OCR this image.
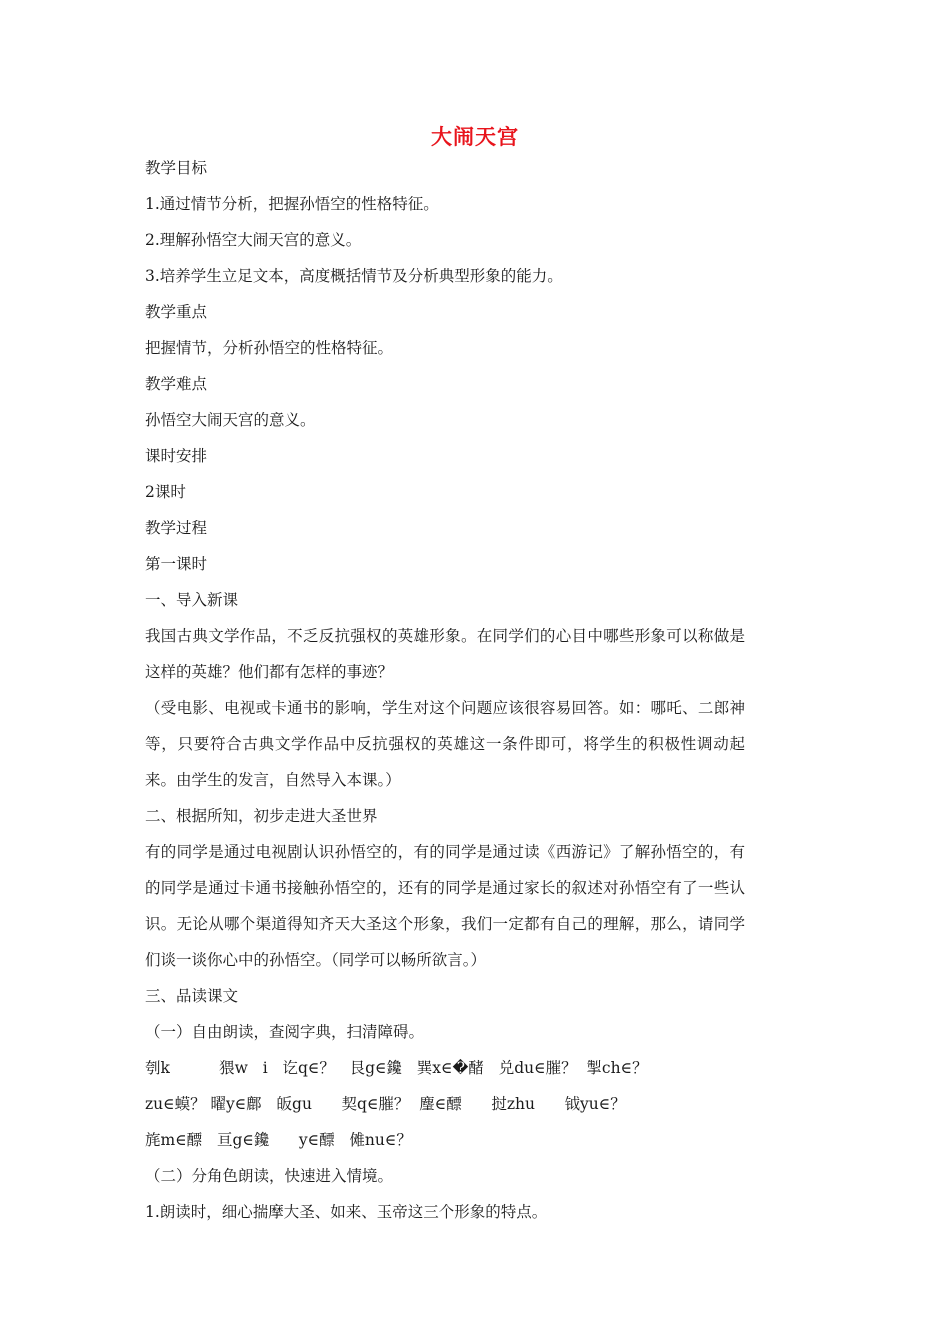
大闹天宫
教学目标
1.通过情节分析，把握孙悟空的性格特征。
2.理解孙悟空大闹天宫的意义。
3.培养学生立足文本，高度概括情节及分析典型形象的能力。
教学重点
把握情节，分析孙悟空的性格特征。
教学难点
孙悟空大闹天宫的意义。
课时安排
2课时
教学过程
第一课时
一、导入新课
我国古典文学作品，不乏反抗强权的英雄形象。在同学们的心目中哪些形象可以称做是这样的英雄？他们都有怎样的事迹？
（受电影、电视或卡通书的影响，学生对这个问题应该很容易回答。如：哪吒、二郎神等，只要符合古典文学作品中反抗强权的英雄这一条件即可，将学生的积极性调动起来。由学生的发言，自然导入本课。）
二、根据所知，初步走进大圣世界
有的同学是通过电视剧认识孙悟空的，有的同学是通过读《西游记》了解孙悟空的，有的同学是通过卡通书接触孙悟空的，还有的同学是通过家长的叙述对孙悟空有了一些认识。无论从哪个渠道得知齐天大圣这个形象，我们一定都有自己的理解，那么，请同学们谈一谈你心中的孙悟空。（同学可以畅所欲言。）
三、品读课文
（一）自由朗读，查阅字典，扫清障碍。
刳k          猥w   i   讫q∈？   艮g∈鑱   巽x∈�醏   兑du∈膗？  掣ch∈？
zu∈蟆？ 曜y∈鄜   皈gu      契q∈膗？  麈∈醥      挝zhu      钺yu∈？
旄m∈醥   亘g∈鑱      y∈醥   傩nu∈？
（二）分角色朗读，快速进入情境。
1.朗读时，细心揣摩大圣、如来、玉帝这三个形象的特点。
